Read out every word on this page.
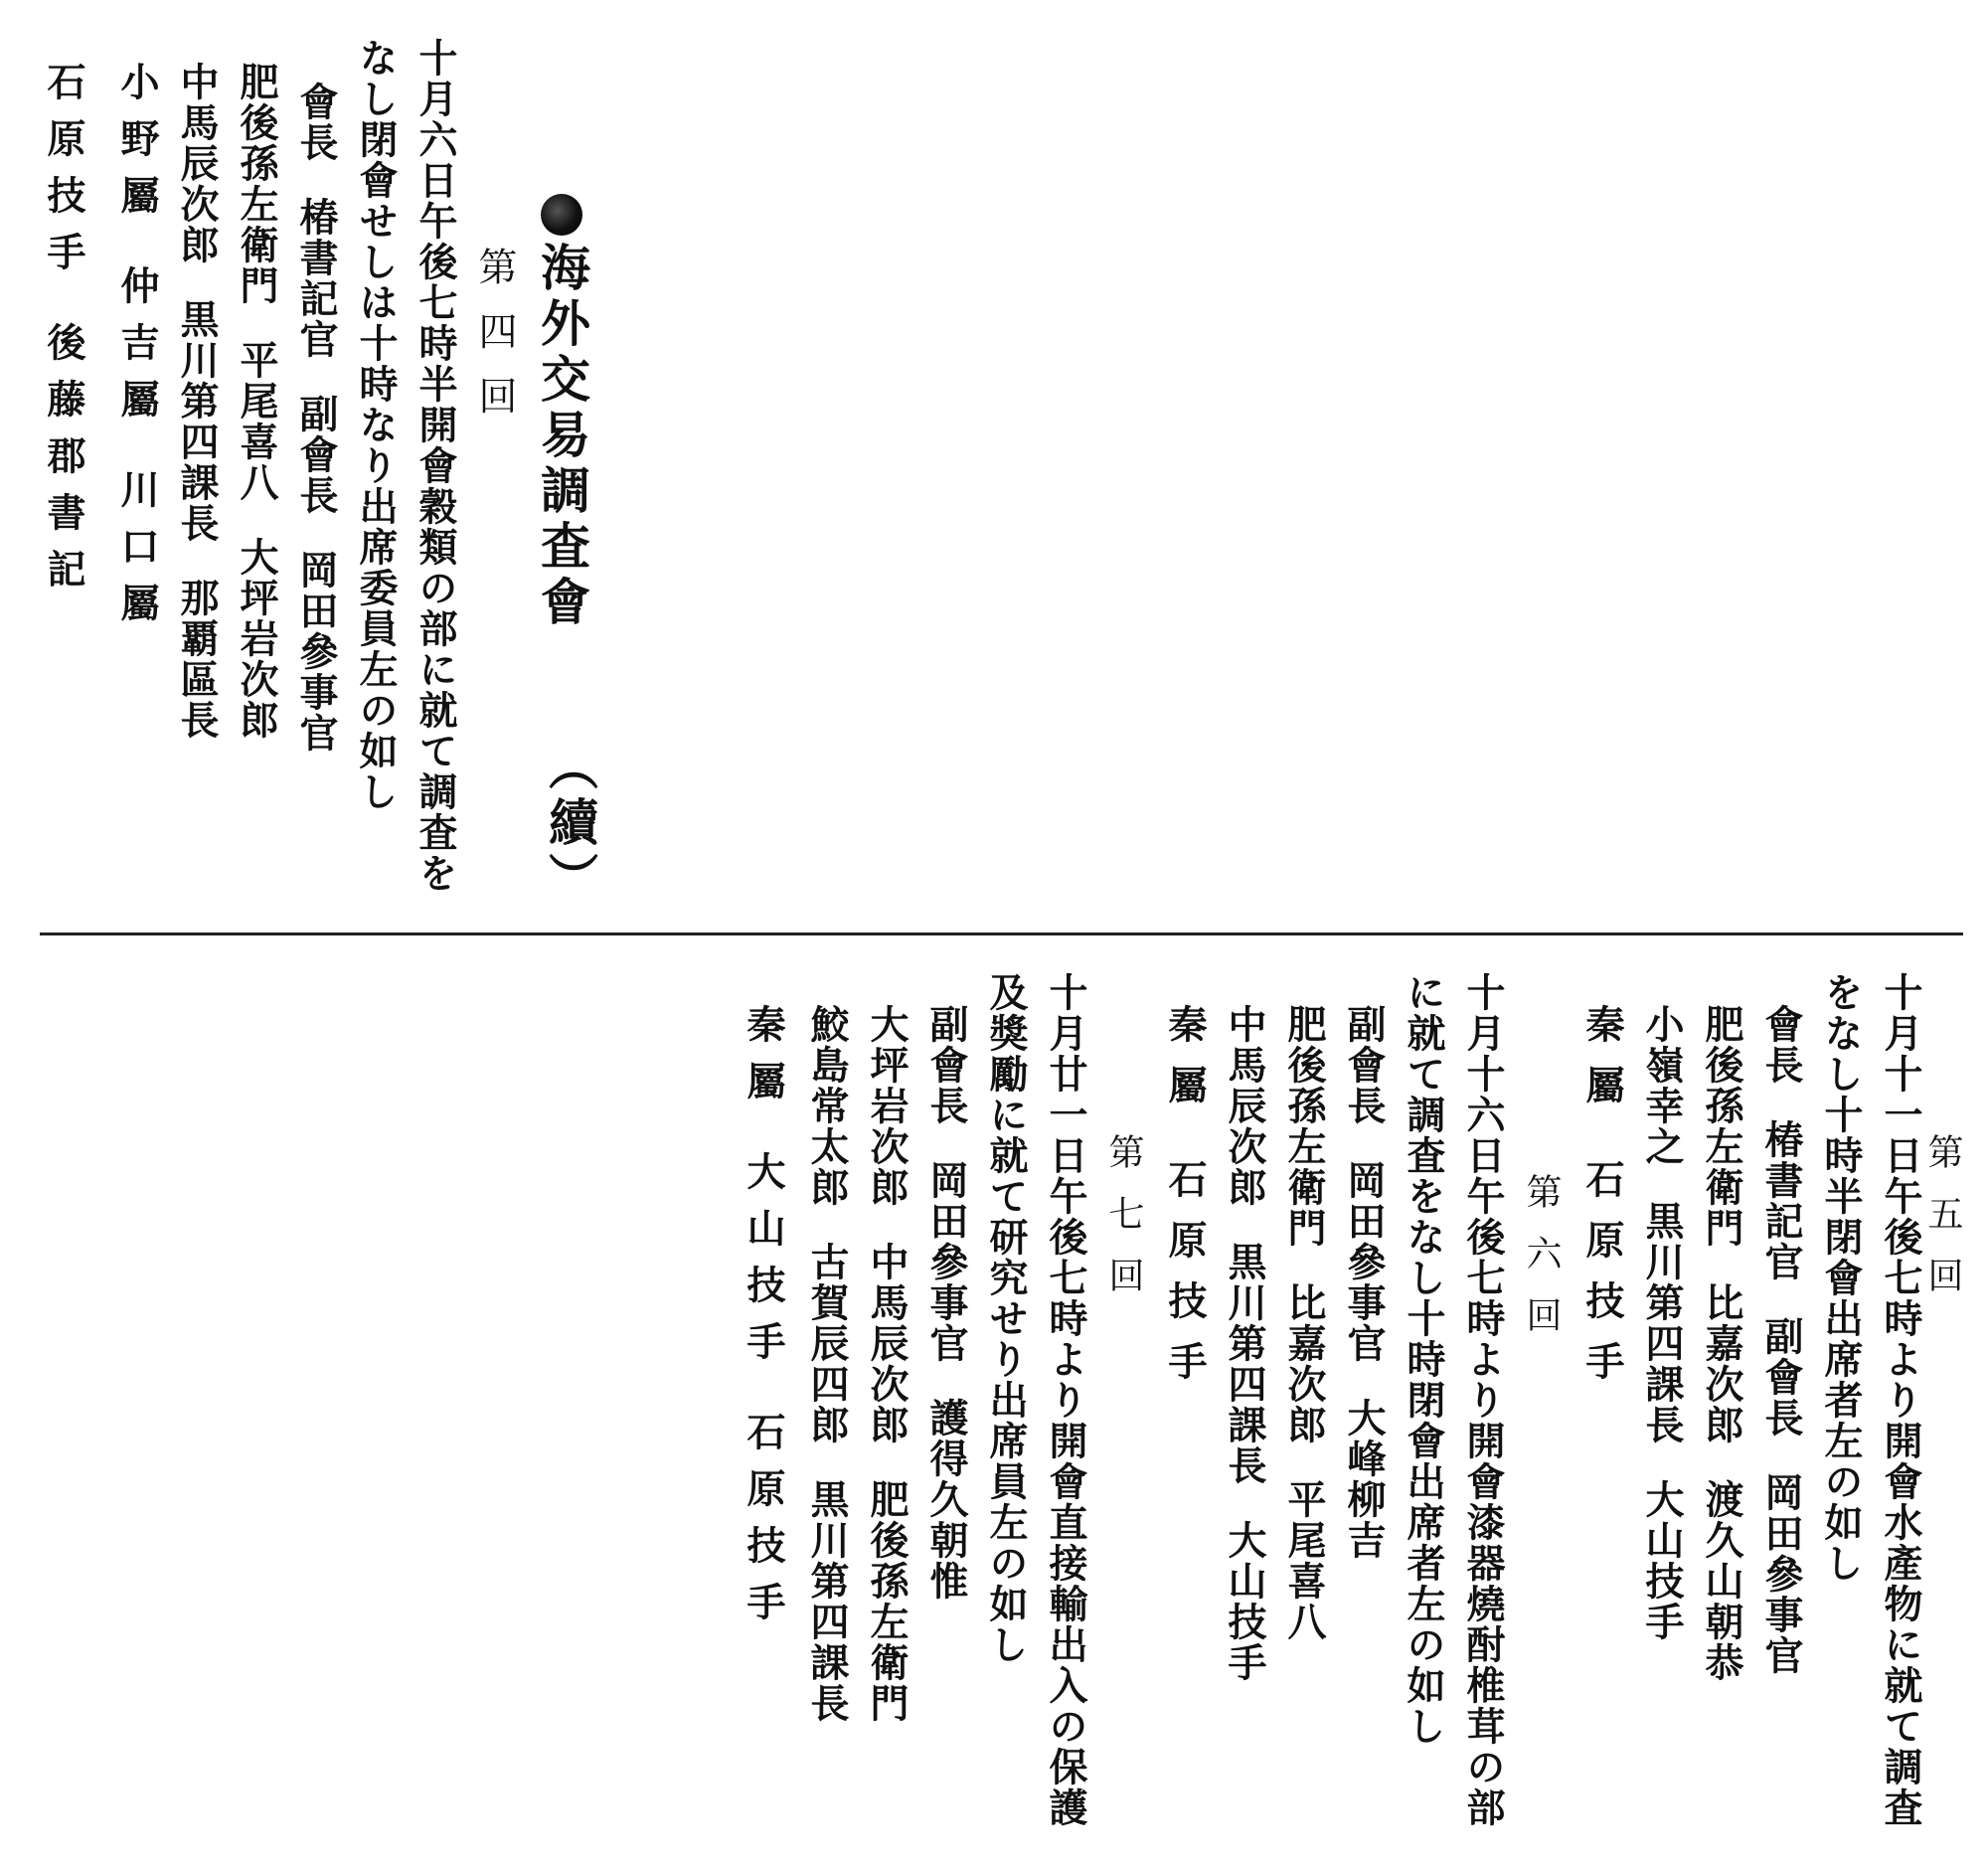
海外交易調査會
（續）
第四回
十月六日午後七時半開會穀類の部に就て調査を
なし閉會せしは十時なり出席委員左の如し
會長椿書記官副會長岡田參事官
肥後孫左衛門平尾喜八大坪岩次郎
中馬辰次郎黒川第四課長那覇區長
小野屬仲吉屬川口屬
石原技手後藤郡書記
十月十一日午後七時より開會水產物に就て調査 第五回
をなし十時半閉會出席者左の如し
會長椿書記官副會長岡田參事官
肥後孫左衛門比嘉次郎渡久山朝恭
小嶺幸之黒川第四課長大山技手
秦屬石原技手
第六回
十月十六日午後七時より開會漆器燒酎椎茸の部
に就て調査をなし十時閉會出席者左の如し
副會長岡田參事官大峰柳吉
肥後孫左衛門比嘉次郎平尾喜八
中馬辰次郎黒川第四課長大山技手
秦屬石原技手
第七回
十月廿一日午後七時より開會直接輸出入の保護
及獎勵に就て研究せり出席員左の如し
副會長岡田參事官護得久朝惟
大坪岩次郎中馬辰次郎肥後孫左衛門
鮫島常太郎古賀辰四郎黒川第四課長
秦屬大山技手石原技手
